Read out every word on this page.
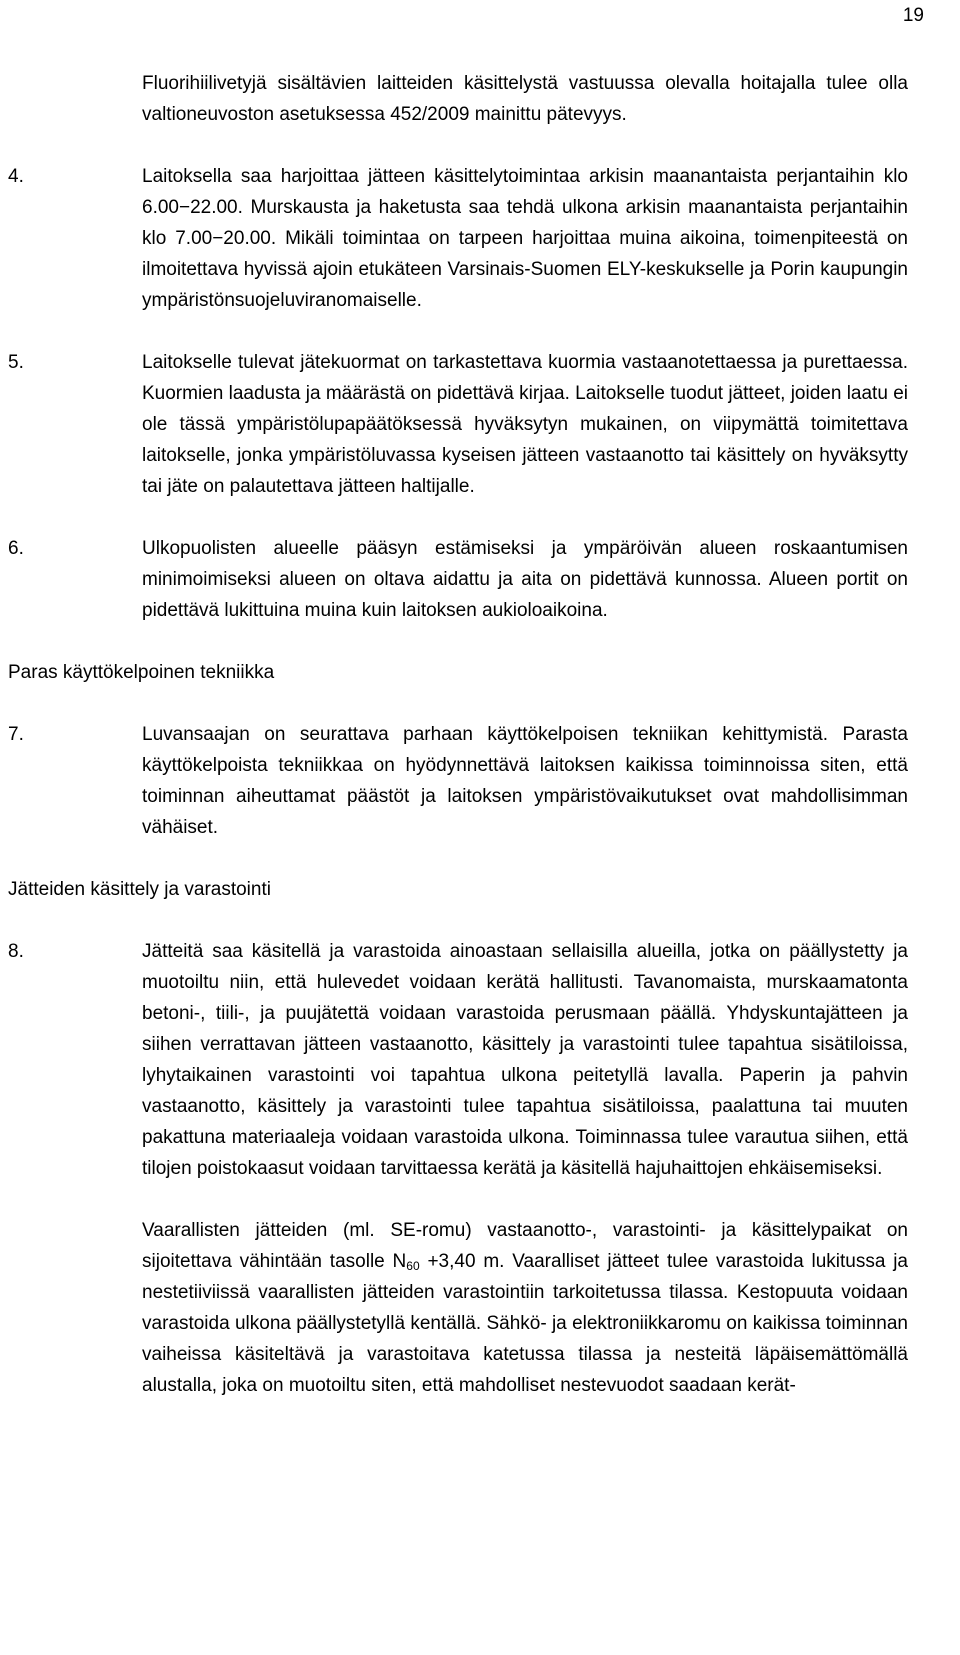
19

Fluorihiilivetyjä sisältävien laitteiden käsittelystä vastuussa olevalla hoitajalla tulee olla valtioneuvoston asetuksessa 452/2009 mainittu pätevyys.

4.	Laitoksella saa harjoittaa jätteen käsittelytoimintaa arkisin maanantaista perjantaihin klo 6.00−22.00. Murskausta ja haketusta saa tehdä ulkona arkisin maanantaista perjantaihin klo 7.00−20.00. Mikäli toimintaa on tarpeen harjoittaa muina aikoina, toimenpiteestä on ilmoitettava hyvissä ajoin etukäteen Varsinais-Suomen ELY-keskukselle ja Porin kaupungin ympäristönsuojeluviranomaiselle.

5.	Laitokselle tulevat jätekuormat on tarkastettava kuormia vastaanotettaessa ja purettaessa. Kuormien laadusta ja määrästä on pidettävä kirjaa. Laitokselle tuodut jätteet, joiden laatu ei ole tässä ympäristölupapäätöksessä hyväksytyn mukainen, on viipymättä toimitettava laitokselle, jonka ympäristöluvassa kyseisen jätteen vastaanotto tai käsittely on hyväksytty tai jäte on palautettava jätteen haltijalle.

6.	Ulkopuolisten alueelle pääsyn estämiseksi ja ympäröivän alueen roskaantumisen minimoimiseksi alueen on oltava aidattu ja aita on pidettävä kunnossa. Alueen portit on pidettävä lukittuina muina kuin laitoksen aukioloaikoina.

Paras käyttökelpoinen tekniikka

7.	Luvansaajan on seurattava parhaan käyttökelpoisen tekniikan kehittymistä. Parasta käyttökelpoista tekniikkaa on hyödynnettävä laitoksen kaikissa toiminnoissa siten, että toiminnan aiheuttamat päästöt ja laitoksen ympäristövaikutukset ovat mahdollisimman vähäiset.

Jätteiden käsittely ja varastointi

8.	Jätteitä saa käsitellä ja varastoida ainoastaan sellaisilla alueilla, jotka on päällystetty ja muotoiltu niin, että hulevedet voidaan kerätä hallitusti. Tavanomaista, murskaamatonta betoni-, tiili-, ja puujätettä voidaan varastoida perusmaan päällä. Yhdyskuntajätteen ja siihen verrattavan jätteen vastaanotto, käsittely ja varastointi tulee tapahtua sisätiloissa, lyhytaikainen varastointi voi tapahtua ulkona peitetyllä lavalla. Paperin ja pahvin vastaanotto, käsittely ja varastointi tulee tapahtua sisätiloissa, paalattuna tai muuten pakattuna materiaaleja voidaan varastoida ulkona. Toiminnassa tulee varautua siihen, että tilojen poistokaasut voidaan tarvittaessa kerätä ja käsitellä hajuhaittojen ehkäisemiseksi.

Vaarallisten jätteiden (ml. SE-romu) vastaanotto-, varastointi- ja käsittelypaikat on sijoitettava vähintään tasolle $N_{60} +3,40$ m. Vaaralliset jätteet tulee varastoida lukitussa ja nestetiiviissä vaarallisten jätteiden varastointiin tarkoitetussa tilassa. Kestopuuta voidaan varastoida ulkona päällystetyllä kentällä. Sähkö- ja elektroniikkaromu on kaikissa toiminnan vaiheissa käsiteltävä ja varastoitava katetussa tilassa ja nesteitä läpäisemättömällä alustalla, joka on muotoiltu siten, että mahdolliset nestevuodot saadaan kerät-
